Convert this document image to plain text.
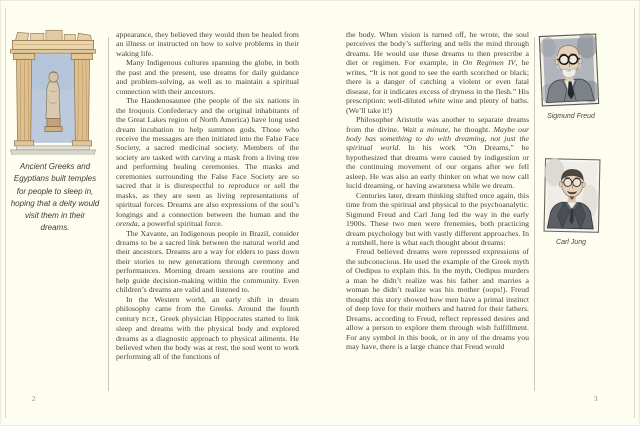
Ancient Greeks and Egyptians built temples for people to sleep in, hoping that a deity would visit them in their dreams.

appearance, they believed they would then be healed from an illness or instructed on how to solve problems in their waking life.

Many Indigenous cultures spanning the globe, in both the past and the present, use dreams for daily guidance and problem-solving, as well as to maintain a spiritual connection with their ancestors.

The Haudenosaunee (the people of the six nations in the Iroquois Confederacy and the original inhabitants of the Great Lakes region of North America) have long used dream incubation to help summon gods. Those who receive the messages are then initiated into the False Face Society, a sacred medicinal society. Members of the society are tasked with carving a mask from a living tree and performing healing ceremonies. The masks and ceremonies surrounding the False Face Society are so sacred that it is disrespectful to reproduce or sell the masks, as they are seen as living representations of spiritual forces. Dreams are also expressions of the soul’s longings and a connection between the human and the orenda, a powerful spiritual force.

The Xavante, an Indigenous people in Brazil, consider dreams to be a sacred link between the natural world and their ancestors. Dreams are a way for elders to pass down their stories to new generations through ceremony and performances. Morning dream sessions are routine and help guide decision-making within the community. Even children’s dreams are valid and listened to.

In the Western world, an early shift in dream philosophy came from the Greeks. Around the fourth century BCE, Greek physician Hippocrates started to link sleep and dreams with the physical body and explored dreams as a diagnostic approach to physical ailments. He believed when the body was at rest, the soul went to work performing all of the functions of

the body. When vision is turned off, he wrote, the soul perceives the body’s suffering and tells the mind through dreams. He would use these dreams to then prescribe a diet or regimen. For example, in On Regimen IV, he writes, “It is not good to see the earth scorched or black; there is a danger of catching a violent or even fatal disease, for it indicates excess of dryness in the flesh.” His prescription: well-diluted white wine and plenty of baths. (We’ll take it!)

Philosopher Aristotle was another to separate dreams from the divine. Wait a minute, he thought. Maybe our body has something to do with dreaming, not just the spiritual world. In his work “On Dreams,” he hypothesized that dreams were caused by indigestion or the continuing movement of our organs after we fell asleep. He was also an early thinker on what we now call lucid dreaming, or having awareness while we dream.

Centuries later, dream thinking shifted once again, this time from the spiritual and physical to the psychoanalytic. Sigmund Freud and Carl Jung led the way in the early 1900s. These two men were frenemies, both practicing dream psychology but with vastly different approaches. In a nutshell, here is what each thought about dreams:

Freud believed dreams were repressed expressions of the subconscious. He used the example of the Greek myth of Oedipus to explain this. In the myth, Oedipus murders a man he didn’t realize was his father and marries a woman he didn’t realize was his mother (oops!). Freud thought this story showed how men have a primal instinct of deep love for their mothers and hatred for their fathers. Dreams, according to Freud, reflect repressed desires and allow a person to explore them through wish fulfillment. For any symbol in this book, or in any of the dreams you may have, there is a large chance that Freud would

Sigmund Freud
Carl Jung
2	3
